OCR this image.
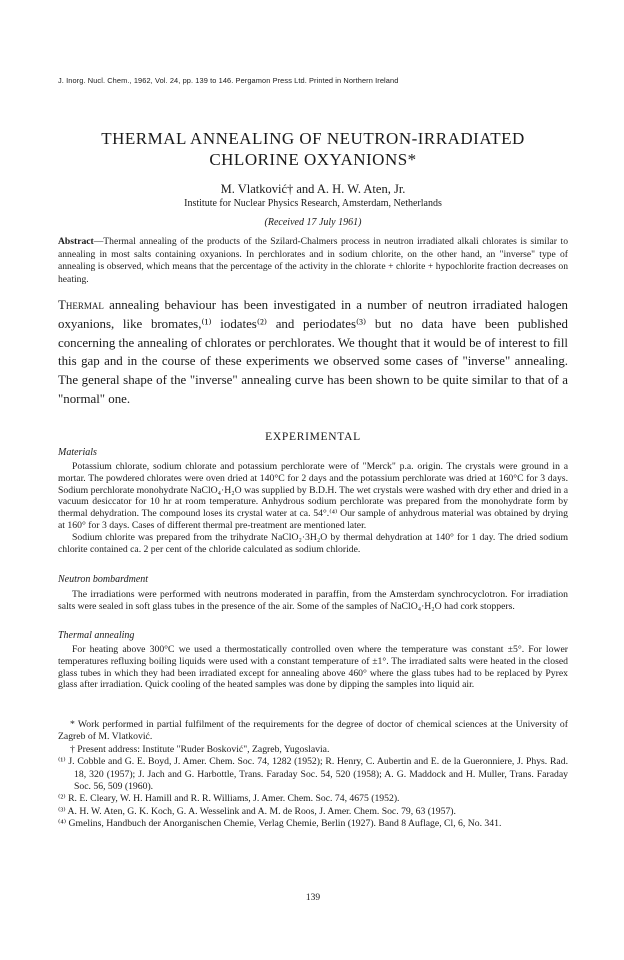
J. Inorg. Nucl. Chem., 1962, Vol. 24, pp. 139 to 146. Pergamon Press Ltd. Printed in Northern Ireland
THERMAL ANNEALING OF NEUTRON-IRRADIATED
CHLORINE OXYANIONS*
M. Vlatković† and A. H. W. Aten, Jr.
Institute for Nuclear Physics Research, Amsterdam, Netherlands
(Received 17 July 1961)
Abstract—Thermal annealing of the products of the Szilard-Chalmers process in neutron irradiated alkali chlorates is similar to annealing in most salts containing oxyanions. In perchlorates and in sodium chlorite, on the other hand, an "inverse" type of annealing is observed, which means that the percentage of the activity in the chlorate + chlorite + hypochlorite fraction decreases on heating.
Thermal annealing behaviour has been investigated in a number of neutron irradiated halogen oxyanions, like bromates,⁽¹⁾ iodates⁽²⁾ and periodates⁽³⁾ but no data have been published concerning the annealing of chlorates or perchlorates. We thought that it would be of interest to fill this gap and in the course of these experiments we observed some cases of "inverse" annealing. The general shape of the "inverse" annealing curve has been shown to be quite similar to that of a "normal" one.
EXPERIMENTAL
Materials

Potassium chlorate, sodium chlorate and potassium perchlorate were of "Merck" p.a. origin. The crystals were ground in a mortar. The powdered chlorates were oven dried at 140°C for 2 days and the potassium perchlorate was dried at 160°C for 3 days. Sodium perchlorate monohydrate NaClO₄·H₂O was supplied by B.D.H. The wet crystals were washed with dry ether and dried in a vacuum desiccator for 10 hr at room temperature. Anhydrous sodium perchlorate was prepared from the monohydrate form by thermal dehydration. The compound loses its crystal water at ca. 54°.⁽⁴⁾ Our sample of anhydrous material was obtained by drying at 160° for 3 days. Cases of different thermal pre-treatment are mentioned later.

Sodium chlorite was prepared from the trihydrate NaClO₂·3H₂O by thermal dehydration at 140° for 1 day. The dried sodium chlorite contained ca. 2 per cent of the chloride calculated as sodium chloride.

Neutron bombardment

The irradiations were performed with neutrons moderated in paraffin, from the Amsterdam synchrocyclotron. For irradiation salts were sealed in soft glass tubes in the presence of the air. Some of the samples of NaClO₄·H₂O had cork stoppers.

Thermal annealing

For heating above 300°C we used a thermostatically controlled oven where the temperature was constant ±5°. For lower temperatures refluxing boiling liquids were used with a constant temperature of ±1°. The irradiated salts were heated in the closed glass tubes in which they had been irradiated except for annealing above 460° where the glass tubes had to be replaced by Pyrex glass after irradiation. Quick cooling of the heated samples was done by dipping the samples into liquid air.

* Work performed in partial fulfilment of the requirements for the degree of doctor of chemical sciences at the University of Zagreb of M. Vlatković.

† Present address: Institute "Ruder Bosković", Zagreb, Yugoslavia.

⁽¹⁾ J. Cobble and G. E. Boyd, J. Amer. Chem. Soc. 74, 1282 (1952); R. Henry, C. Aubertin and E. de la Gueronniere, J. Phys. Rad. 18, 320 (1957); J. Jach and G. Harbottle, Trans. Faraday Soc. 54, 520 (1958); A. G. Maddock and H. Muller, Trans. Faraday Soc. 56, 509 (1960).

⁽²⁾ R. E. Cleary, W. H. Hamill and R. R. Williams, J. Amer. Chem. Soc. 74, 4675 (1952).

⁽³⁾ A. H. W. Aten, G. K. Koch, G. A. Wesselink and A. M. de Roos, J. Amer. Chem. Soc. 79, 63 (1957).

⁽⁴⁾ Gmelins, Handbuch der Anorganischen Chemie, Verlag Chemie, Berlin (1927). Band 8 Auflage, Cl, 6, No. 341.

139
